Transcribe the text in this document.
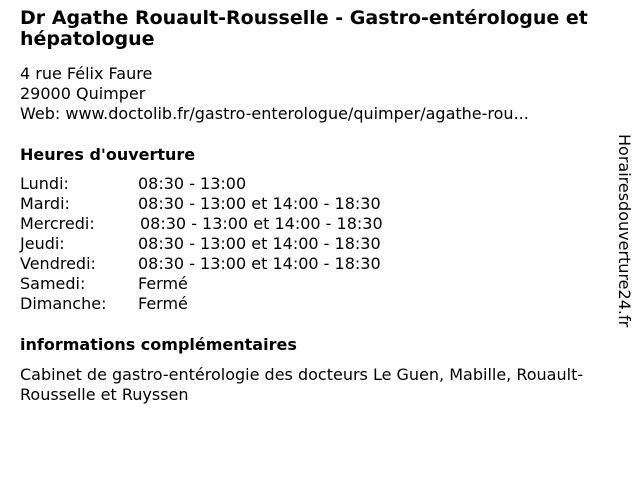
Dr Agathe Rouault-Rousselle - Gastro-entérologue et hépatologue
4 rue Félix Faure
29000 Quimper
Web: www.doctolib.fr/gastro-enterologue/quimper/agathe-rou...
Heures d'ouverture
Lundi:	08:30 - 13:00
Mardi:	08:30 - 13:00 et 14:00 - 18:30
Mercredi:	08:30 - 13:00 et 14:00 - 18:30
Jeudi:	08:30 - 13:00 et 14:00 - 18:30
Vendredi:	08:30 - 13:00 et 14:00 - 18:30
Samedi:	Fermé
Dimanche: Fermé
informations complémentaires
Cabinet de gastro-entérologie des docteurs Le Guen, Mabille, Rouault-Rousselle et Ruyssen
Horairesdouverture24.fr
